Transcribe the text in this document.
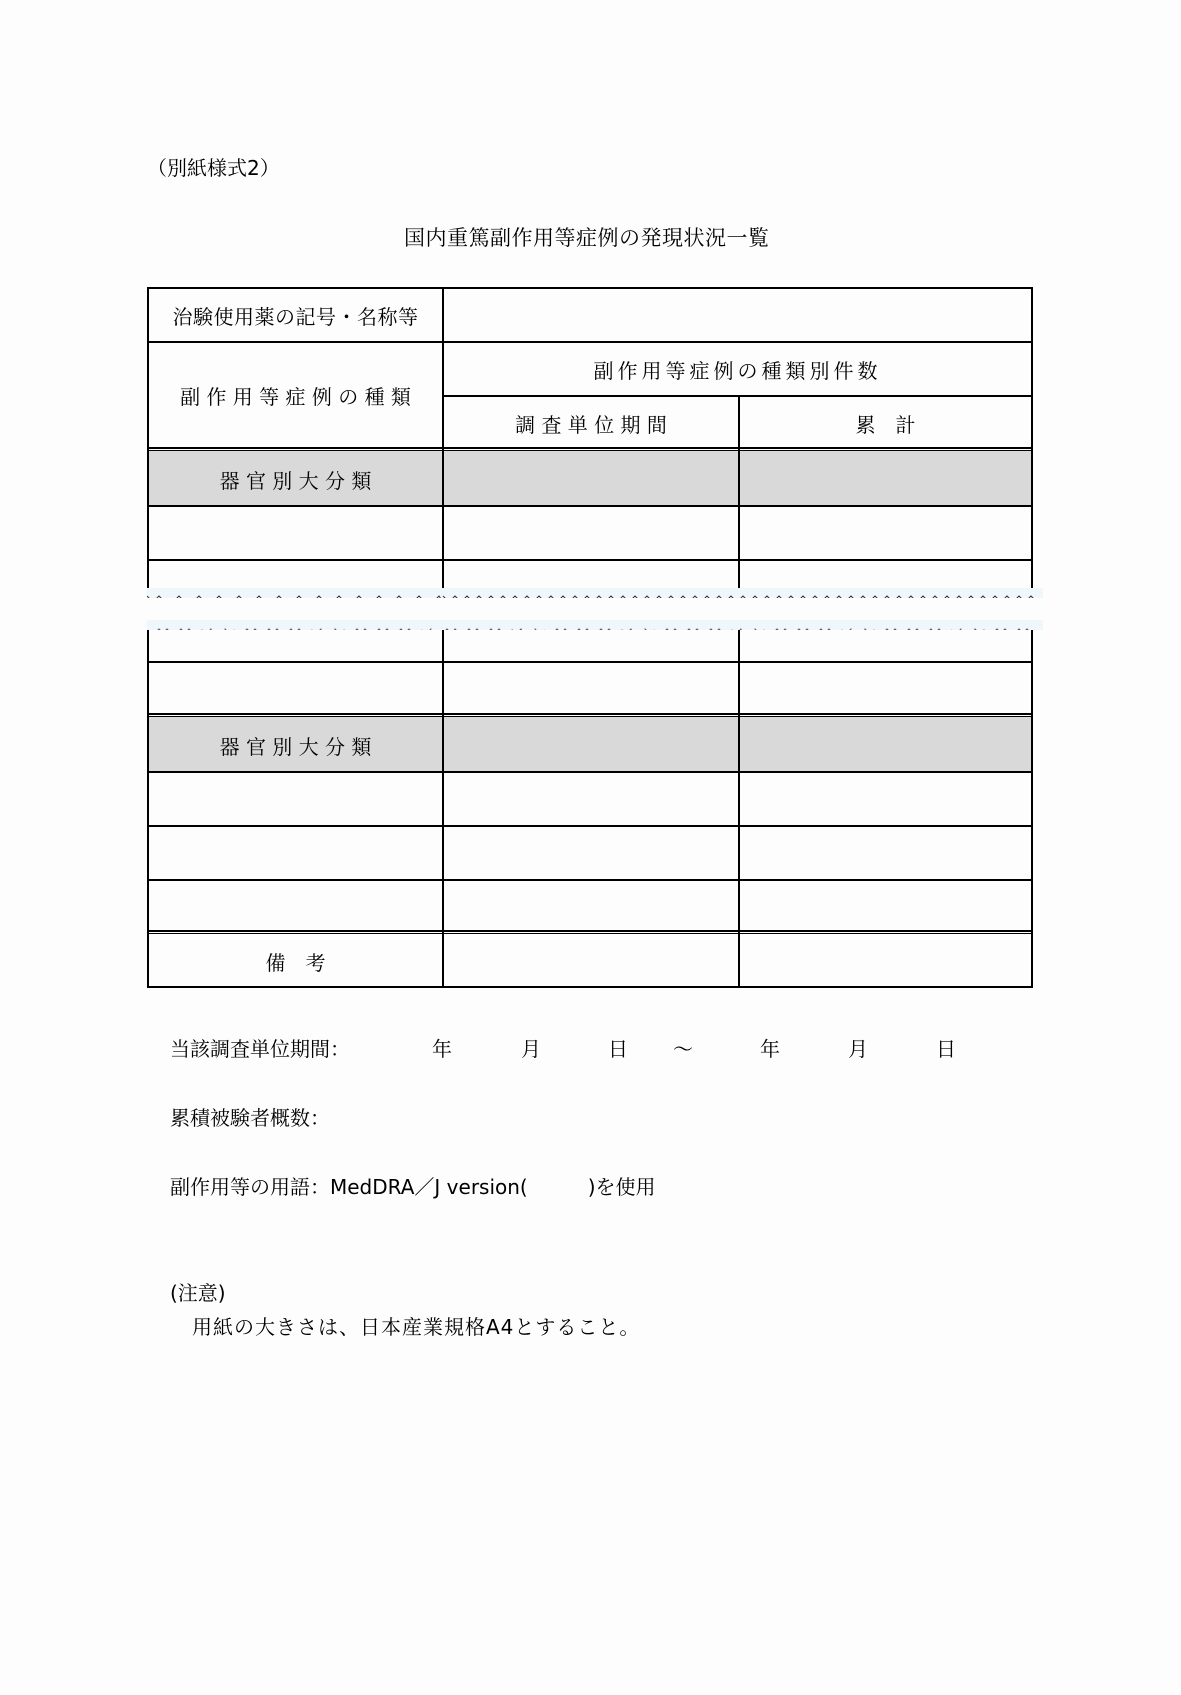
（別紙様式2）
国内重篤副作用等症例の発現状況一覧
治験使用薬の記号・名称等
副 作 用 等 症 例 の 種 類
副作用等症例の種類別件数
調 査 単 位 期 間	累　計
器 官 別 大 分 類
器 官 別 大 分 類
備　考
当該調査単位期間：	年	月	日 ～	年	月	日
累積被験者概数：
副作用等の用語：MedDRA／J version(　　　)を使用
(注意)
用紙の大きさは、日本産業規格A4とすること。
